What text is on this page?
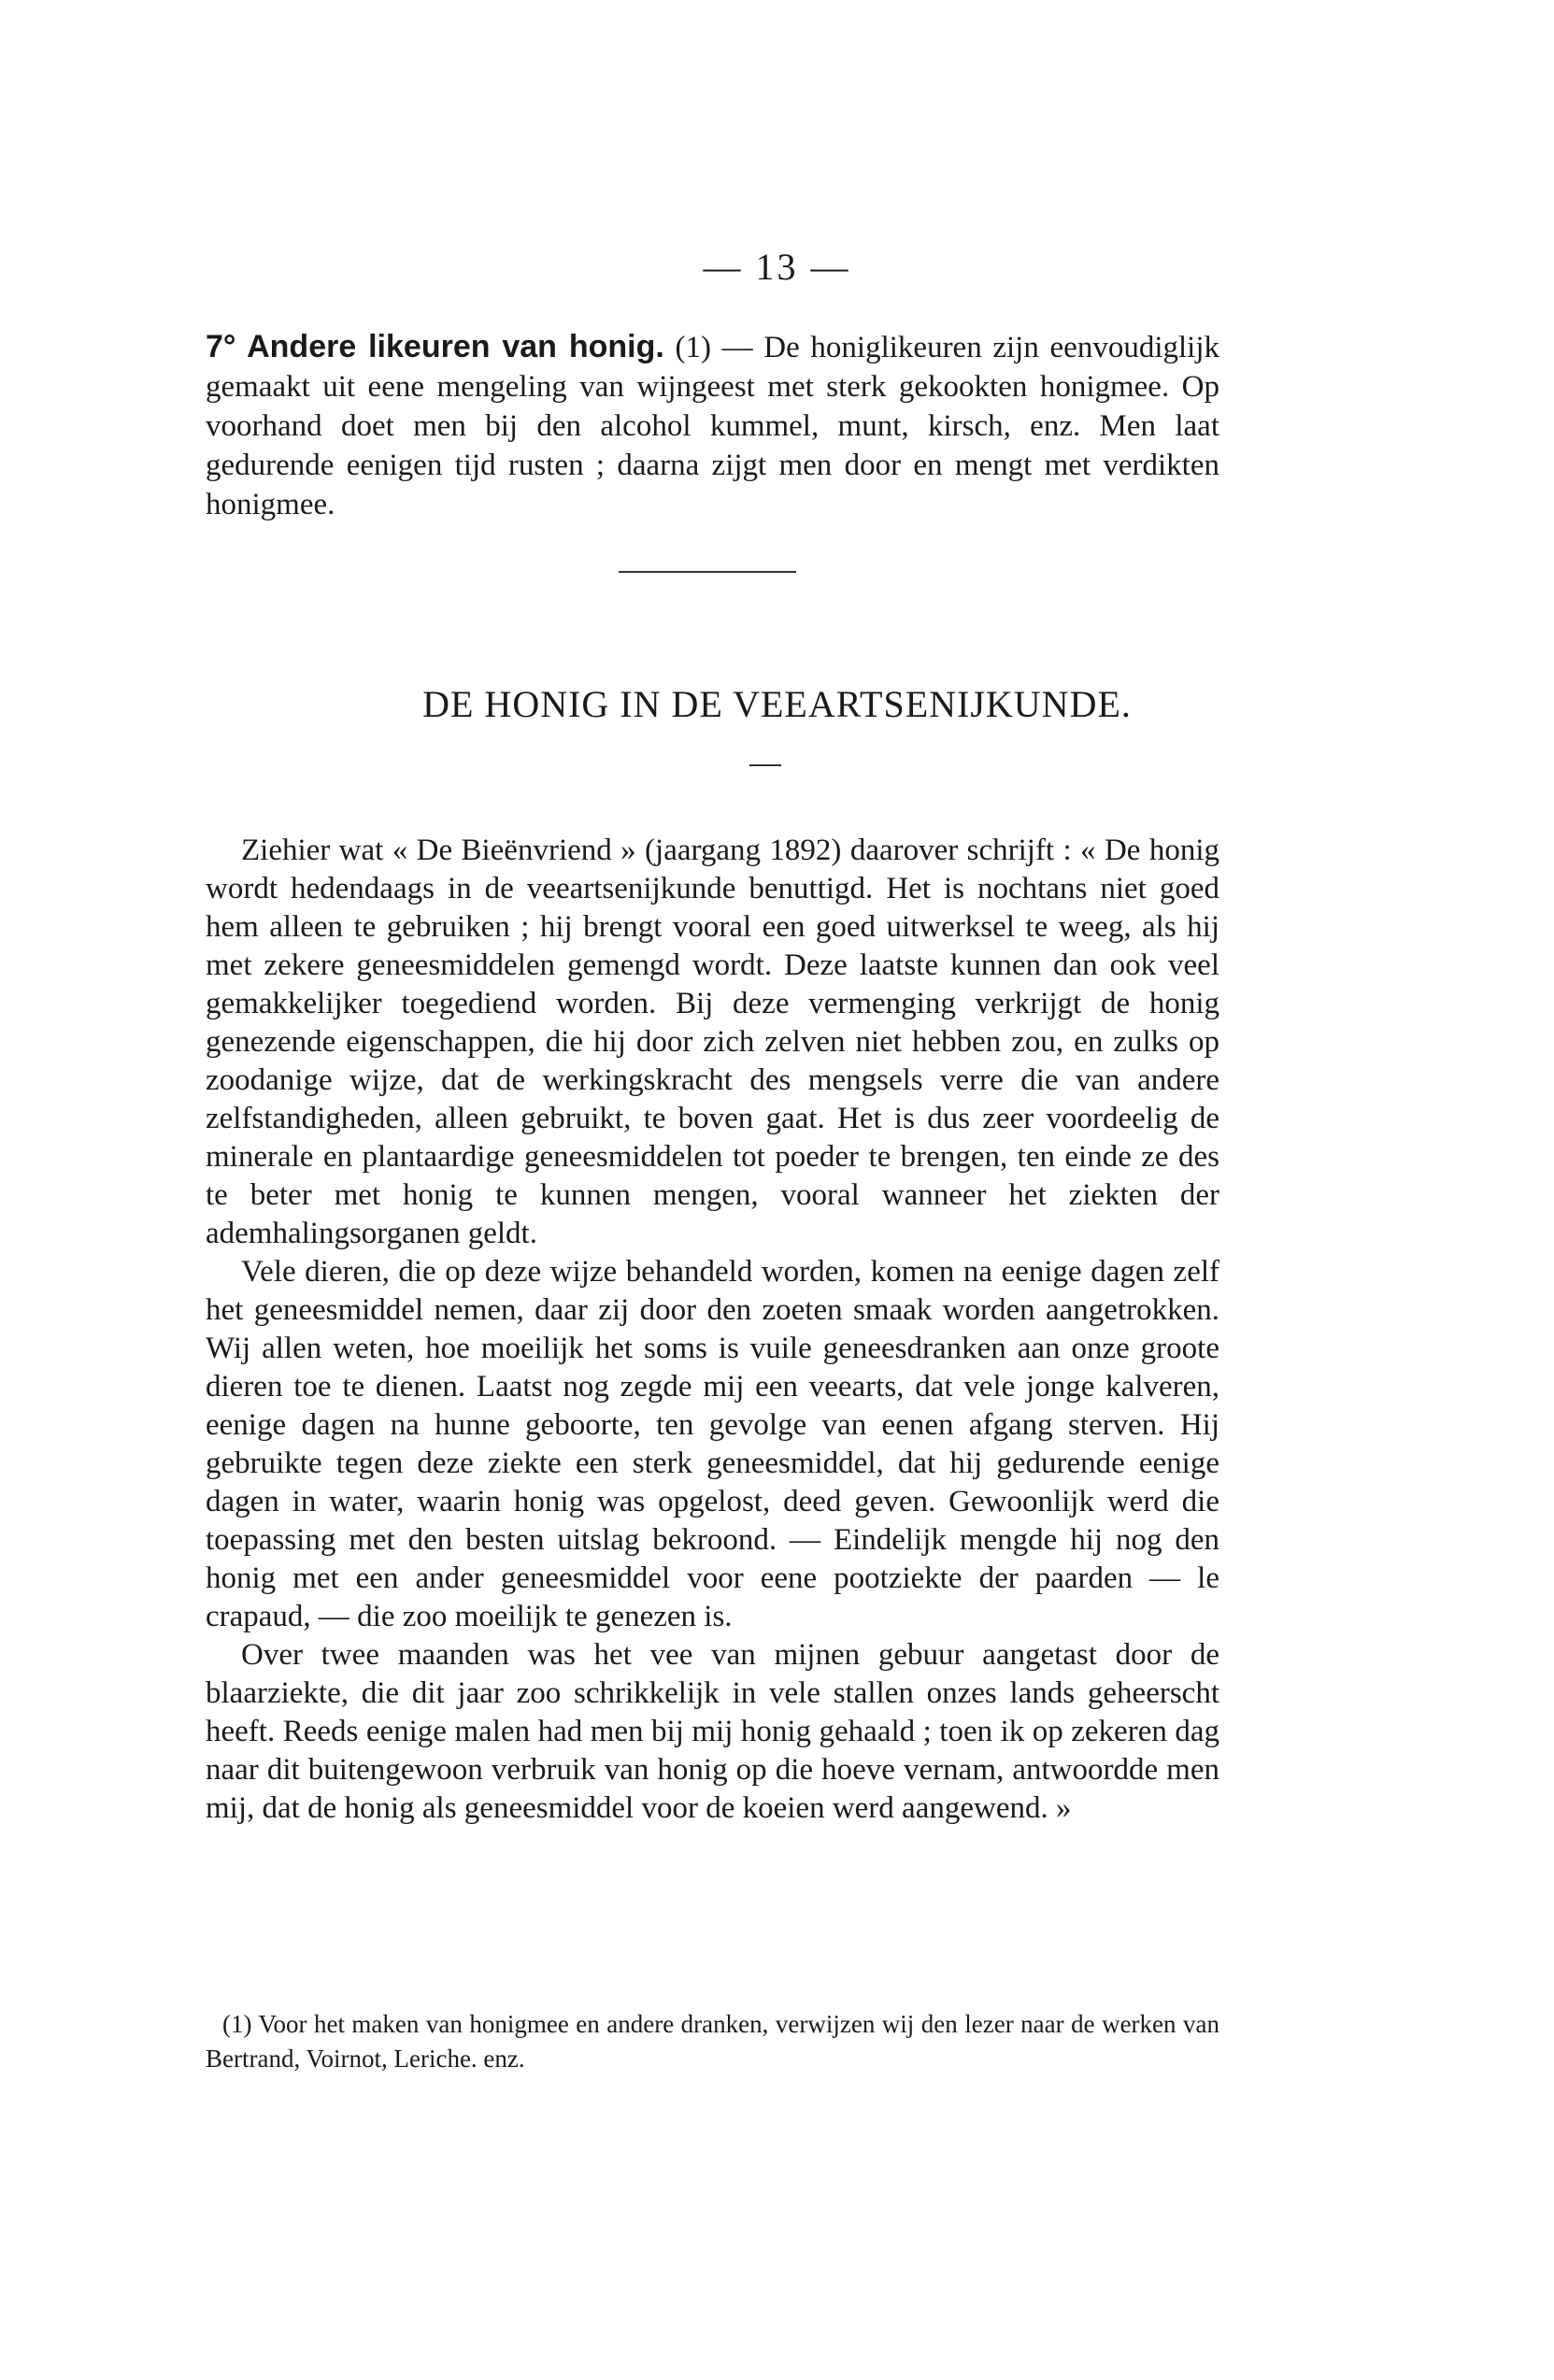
— 13 —
7° Andere likeuren van honig. (1) — De honiglikeuren zijn eenvoudiglijk gemaakt uit eene mengeling van wijngeest met sterk gekookten honigmee. Op voorhand doet men bij den alcohol kummel, munt, kirsch, enz. Men laat gedurende eenigen tijd rusten ; daarna zijgt men door en mengt met verdikten honigmee.
DE HONIG IN DE VEEARTSENIJKUNDE.

Ziehier wat « De Bieënvriend » (jaargang 1892) daarover schrijft : « De honig wordt hedendaags in de veeartsenijkunde benuttigd. Het is nochtans niet goed hem alleen te gebruiken ; hij brengt vooral een goed uitwerksel te weeg, als hij met zekere geneesmiddelen gemengd wordt. Deze laatste kunnen dan ook veel gemakkelijker toegediend worden. Bij deze vermenging verkrijgt de honig genezende eigenschappen, die hij door zich zelven niet hebben zou, en zulks op zoodanige wijze, dat de werkingskracht des mengsels verre die van andere zelfstandigheden, alleen gebruikt, te boven gaat. Het is dus zeer voordeelig de minerale en plantaardige geneesmiddelen tot poeder te brengen, ten einde ze des te beter met honig te kunnen mengen, vooral wanneer het ziekten der ademhalingsorganen geldt.

Vele dieren, die op deze wijze behandeld worden, komen na eenige dagen zelf het geneesmiddel nemen, daar zij door den zoeten smaak worden aangetrokken. Wij allen weten, hoe moeilijk het soms is vuile geneesdranken aan onze groote dieren toe te dienen. Laatst nog zegde mij een veearts, dat vele jonge kalveren, eenige dagen na hunne geboorte, ten gevolge van eenen afgang sterven. Hij gebruikte tegen deze ziekte een sterk geneesmiddel, dat hij gedurende eenige dagen in water, waarin honig was opgelost, deed geven. Gewoonlijk werd die toepassing met den besten uitslag bekroond. — Eindelijk mengde hij nog den honig met een ander geneesmiddel voor eene pootziekte der paarden — le crapaud, — die zoo moeilijk te genezen is.

Over twee maanden was het vee van mijnen gebuur aangetast door de blaarziekte, die dit jaar zoo schrikkelijk in vele stallen onzes lands geheerscht heeft. Reeds eenige malen had men bij mij honig gehaald ; toen ik op zekeren dag naar dit buitengewoon verbruik van honig op die hoeve vernam, antwoordde men mij, dat de honig als geneesmiddel voor de koeien werd aangewend. »

(1) Voor het maken van honigmee en andere dranken, verwijzen wij den lezer naar de werken van Bertrand, Voirnot, Leriche. enz.
